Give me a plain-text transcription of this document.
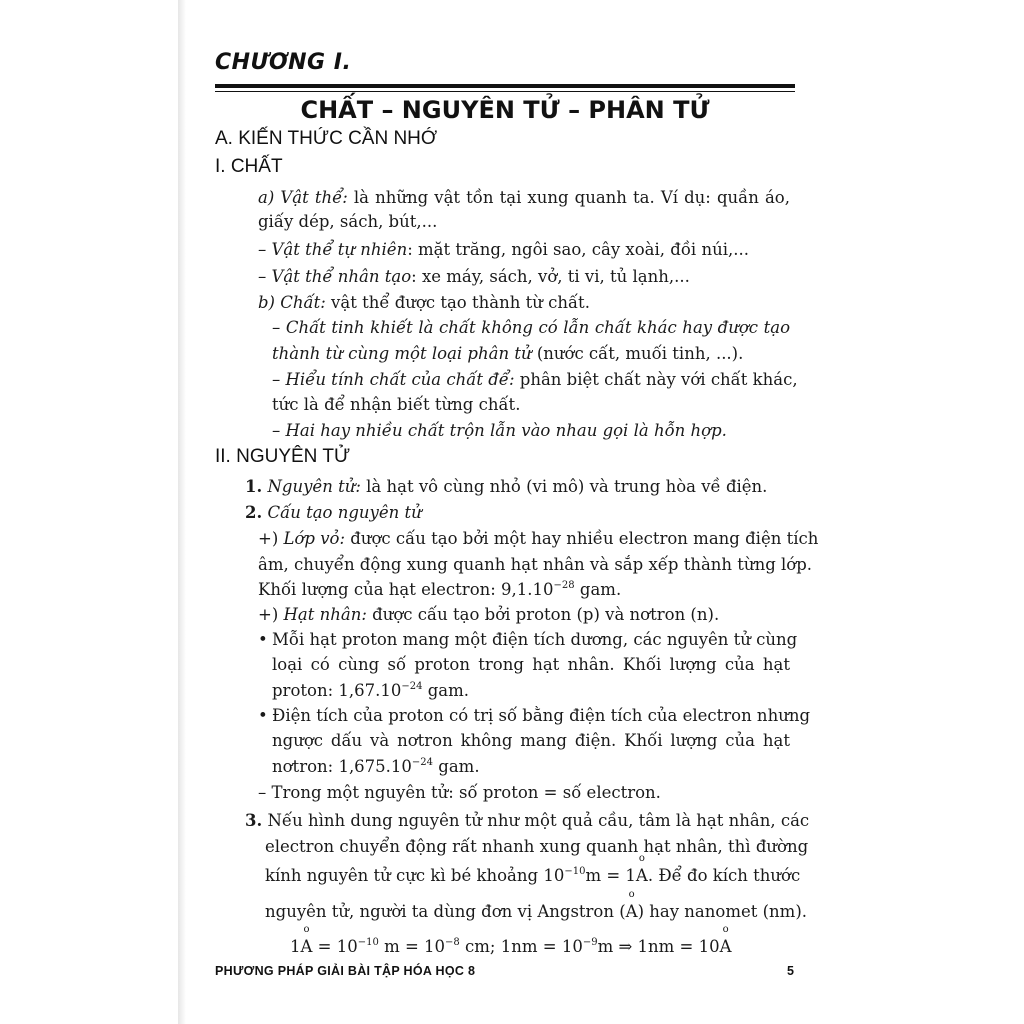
CHƯƠNG I.
CHẤT – NGUYÊN TỬ – PHÂN TỬ
A. KIẾN THỨC CẦN NHỚ
I. CHẤT
a) Vật thể: là những vật tồn tại xung quanh ta. Ví dụ: quần áo,
giấy dép, sách, bút,...
– Vật thể tự nhiên: mặt trăng, ngôi sao, cây xoài, đồi núi,...
– Vật thể nhân tạo: xe máy, sách, vở, ti vi, tủ lạnh,...
b) Chất: vật thể được tạo thành từ chất.
– Chất tinh khiết là chất không có lẫn chất khác hay được tạo
thành từ cùng một loại phân tử (nước cất, muối tinh, ...).
– Hiểu tính chất của chất để: phân biệt chất này với chất khác,
tức là để nhận biết từng chất.
– Hai hay nhiều chất trộn lẫn vào nhau gọi là hỗn hợp.
II. NGUYÊN TỬ
1. Nguyên tử: là hạt vô cùng nhỏ (vi mô) và trung hòa về điện.
2. Cấu tạo nguyên tử
+) Lớp vỏ: được cấu tạo bởi một hay nhiều electron mang điện tích
âm, chuyển động xung quanh hạt nhân và sắp xếp thành từng lớp.
Khối lượng của hạt electron: $9,1.10^{-28}$ gam.
+) Hạt nhân: được cấu tạo bởi proton (p) và nơtron (n).
• Mỗi hạt proton mang một điện tích dương, các nguyên tử cùng
loại có cùng số proton trong hạt nhân. Khối lượng của hạt
proton: $1,67.10^{-24}$ gam.
• Điện tích của proton có trị số bằng điện tích của electron nhưng
ngược dấu và nơtron không mang điện. Khối lượng của hạt
nơtron: $1,675.10^{-24}$ gam.
– Trong một nguyên tử: số proton = số electron.
3. Nếu hình dung nguyên tử như một quả cầu, tâm là hạt nhân, các
electron chuyển động rất nhanh xung quanh hạt nhân, thì đường
kính nguyên tử cực kì bé khoảng $10^{-10}m = 1o$ A. Để đo kích thước
nguyên tử, người ta dùng đơn vị Angstron (o A) hay nanomet (nm).
1o $A = 10^{-10}$ $m = 10^{-8}$ cm; $1nm = 10^{-9}m$ ⇒ 1nm = 10o A
PHƯƠNG PHÁP GIẢI BÀI TẬP HÓA HỌC 8	5
